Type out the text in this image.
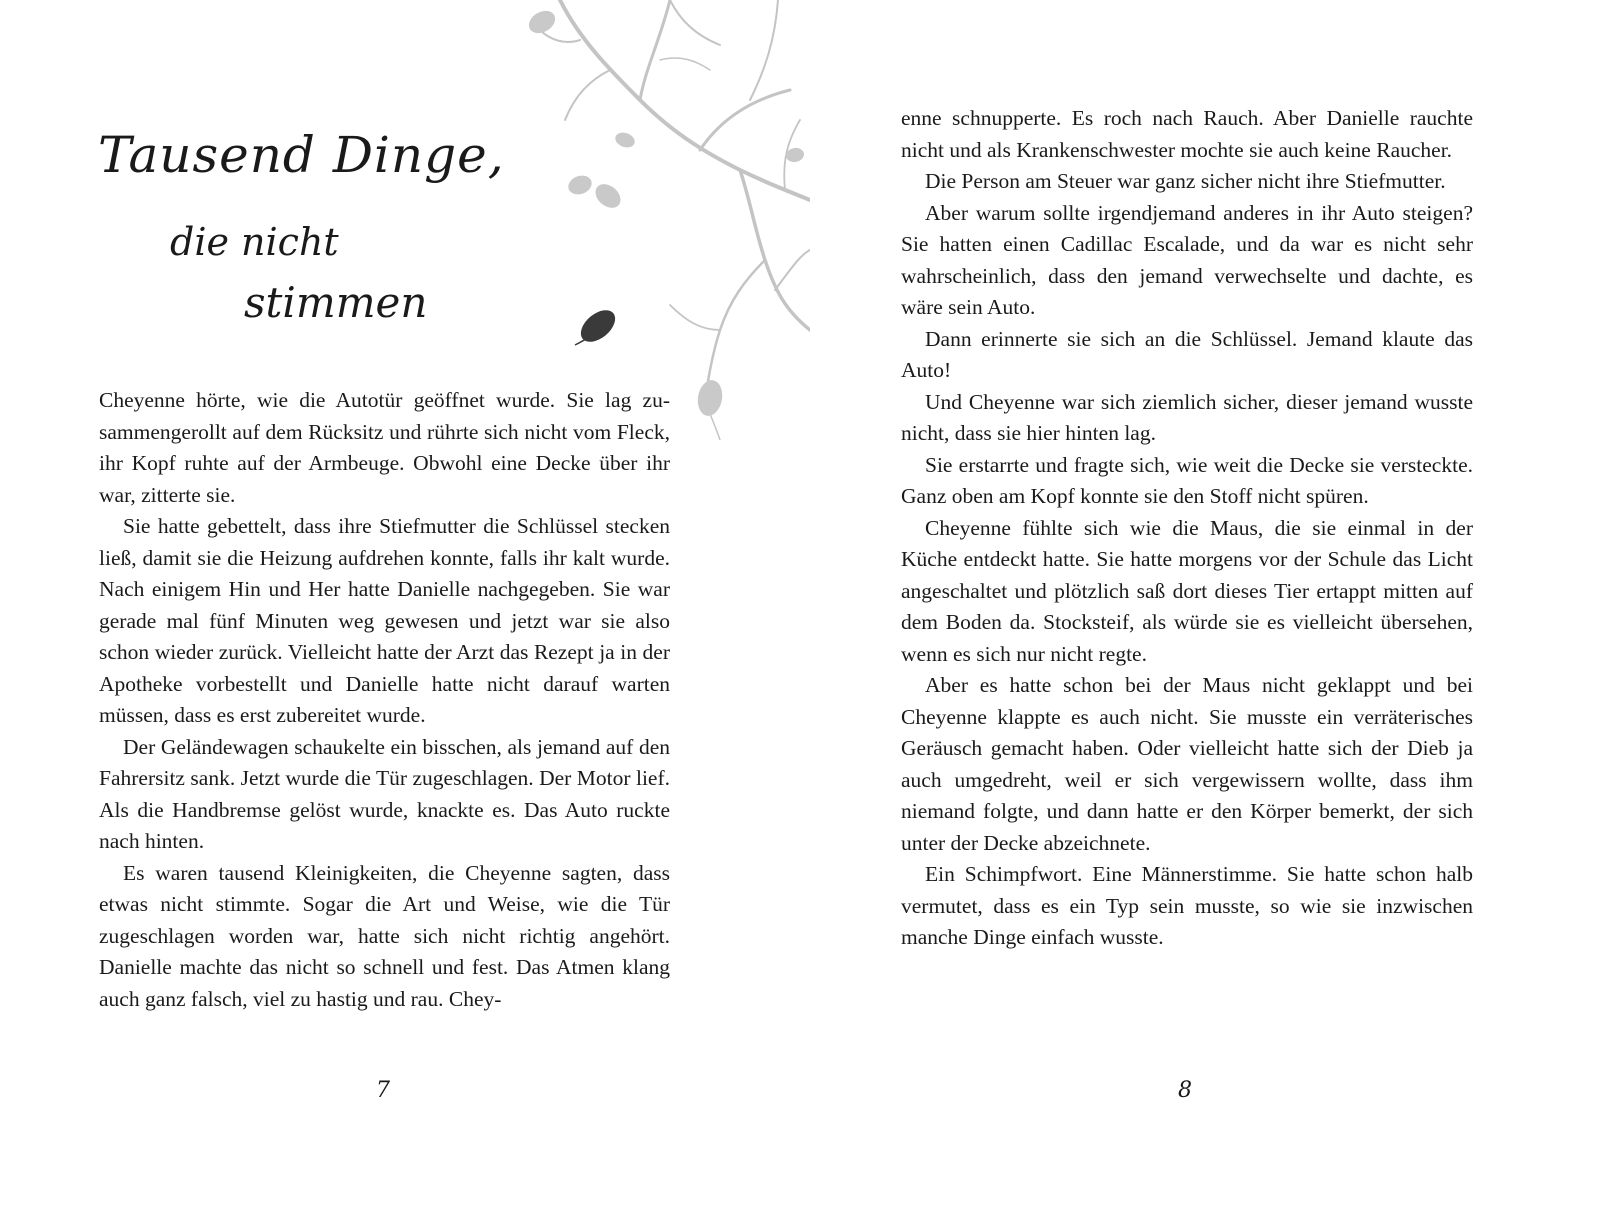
Tausend Dinge,
die nicht
stimmen

Cheyenne hörte, wie die Autotür geöffnet wurde. Sie lag zusammengerollt auf dem Rücksitz und rührte sich nicht vom Fleck, ihr Kopf ruhte auf der Armbeuge. Obwohl eine Decke über ihr war, zitterte sie.

Sie hatte gebettelt, dass ihre Stiefmutter die Schlüssel stecken ließ, damit sie die Heizung aufdrehen konnte, falls ihr kalt wurde. Nach einigem Hin und Her hatte Danielle nachgegeben. Sie war gerade mal fünf Minuten weg gewesen und jetzt war sie also schon wieder zurück. Vielleicht hatte der Arzt das Rezept ja in der Apotheke vorbestellt und Danielle hatte nicht darauf warten müssen, dass es erst zubereitet wurde.

Der Geländewagen schaukelte ein bisschen, als jemand auf den Fahrersitz sank. Jetzt wurde die Tür zugeschlagen. Der Motor lief. Als die Handbremse gelöst wurde, knackte es. Das Auto ruckte nach hinten.

Es waren tausend Kleinigkeiten, die Cheyenne sagten, dass etwas nicht stimmte. Sogar die Art und Weise, wie die Tür zugeschlagen worden war, hatte sich nicht richtig angehört. Danielle machte das nicht so schnell und fest. Das Atmen klang auch ganz falsch, viel zu hastig und rau. Chey-

7

enne schnupperte. Es roch nach Rauch. Aber Danielle rauchte nicht und als Krankenschwester mochte sie auch keine Raucher.

Die Person am Steuer war ganz sicher nicht ihre Stiefmutter.

Aber warum sollte irgendjemand anderes in ihr Auto steigen? Sie hatten einen Cadillac Escalade, und da war es nicht sehr wahrscheinlich, dass den jemand verwechselte und dachte, es wäre sein Auto.

Dann erinnerte sie sich an die Schlüssel. Jemand klaute das Auto!

Und Cheyenne war sich ziemlich sicher, dieser jemand wusste nicht, dass sie hier hinten lag.

Sie erstarrte und fragte sich, wie weit die Decke sie versteckte. Ganz oben am Kopf konnte sie den Stoff nicht spüren.

Cheyenne fühlte sich wie die Maus, die sie einmal in der Küche entdeckt hatte. Sie hatte morgens vor der Schule das Licht angeschaltet und plötzlich saß dort dieses Tier ertappt mitten auf dem Boden da. Stocksteif, als würde sie es vielleicht übersehen, wenn es sich nur nicht regte.

Aber es hatte schon bei der Maus nicht geklappt und bei Cheyenne klappte es auch nicht. Sie musste ein verräterisches Geräusch gemacht haben. Oder vielleicht hatte sich der Dieb ja auch umgedreht, weil er sich vergewissern wollte, dass ihm niemand folgte, und dann hatte er den Körper bemerkt, der sich unter der Decke abzeichnete.

Ein Schimpfwort. Eine Männerstimme. Sie hatte schon halb vermutet, dass es ein Typ sein musste, so wie sie inzwischen manche Dinge einfach wusste.

8
